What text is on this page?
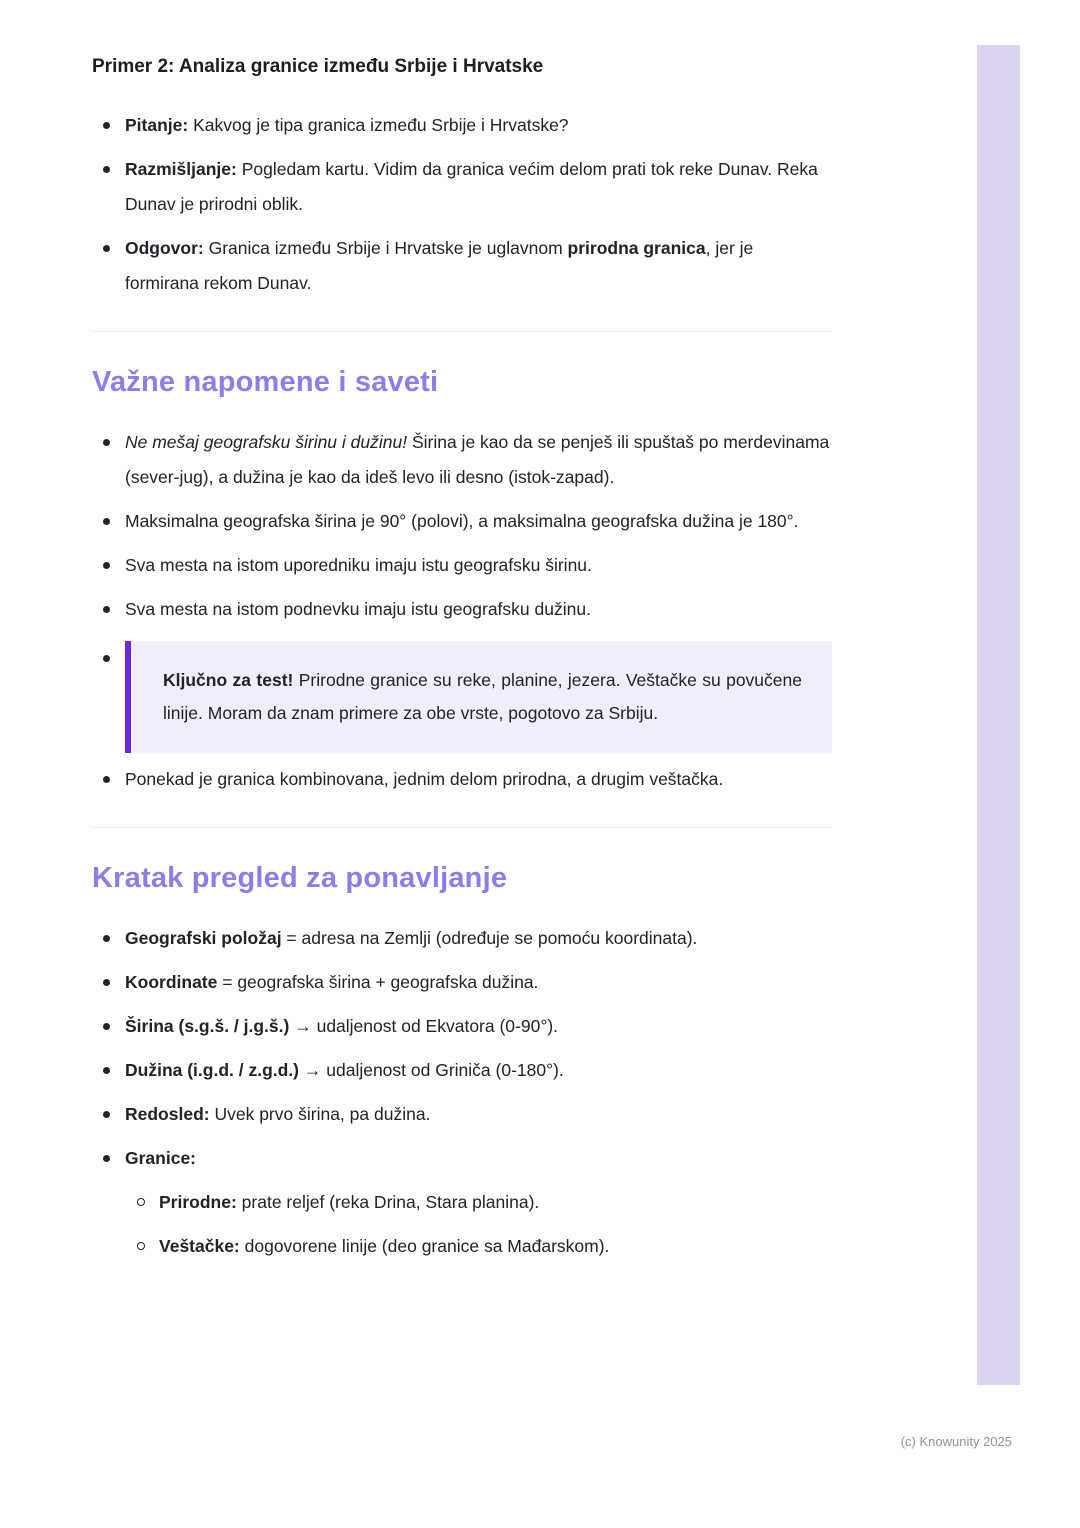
Primer 2: Analiza granice između Srbije i Hrvatske
Pitanje: Kakvog je tipa granica između Srbije i Hrvatske?
Razmišljanje: Pogledam kartu. Vidim da granica većim delom prati tok reke Dunav. Reka Dunav je prirodni oblik.
Odgovor: Granica između Srbije i Hrvatske je uglavnom prirodna granica, jer je formirana rekom Dunav.
Važne napomene i saveti
Ne mešaj geografsku širinu i dužinu! Širina je kao da se penješ ili spuštaš po merdevinama (sever-jug), a dužina je kao da ideš levo ili desno (istok-zapad).
Maksimalna geografska širina je 90° (polovi), a maksimalna geografska dužina je 180°.
Sva mesta na istom uporedniku imaju istu geografsku širinu.
Sva mesta na istom podnevku imaju istu geografsku dužinu.
Ključno za test! Prirodne granice su reke, planine, jezera. Veštačke su povučene linije. Moram da znam primere za obe vrste, pogotovo za Srbiju.
Ponekad je granica kombinovana, jednim delom prirodna, a drugim veštačka.
Kratak pregled za ponavljanje
Geografski položaj = adresa na Zemlji (određuje se pomoću koordinata).
Koordinate = geografska širina + geografska dužina.
Širina (s.g.š. / j.g.š.) → udaljenost od Ekvatora (0-90°).
Dužina (i.g.d. / z.g.d.) → udaljenost od Griniča (0-180°).
Redosled: Uvek prvo širina, pa dužina.
Granice:
Prirodne: prate reljef (reka Drina, Stara planina).
Veštačke: dogovorene linije (deo granice sa Mađarskom).
(c) Knowunity 2025
